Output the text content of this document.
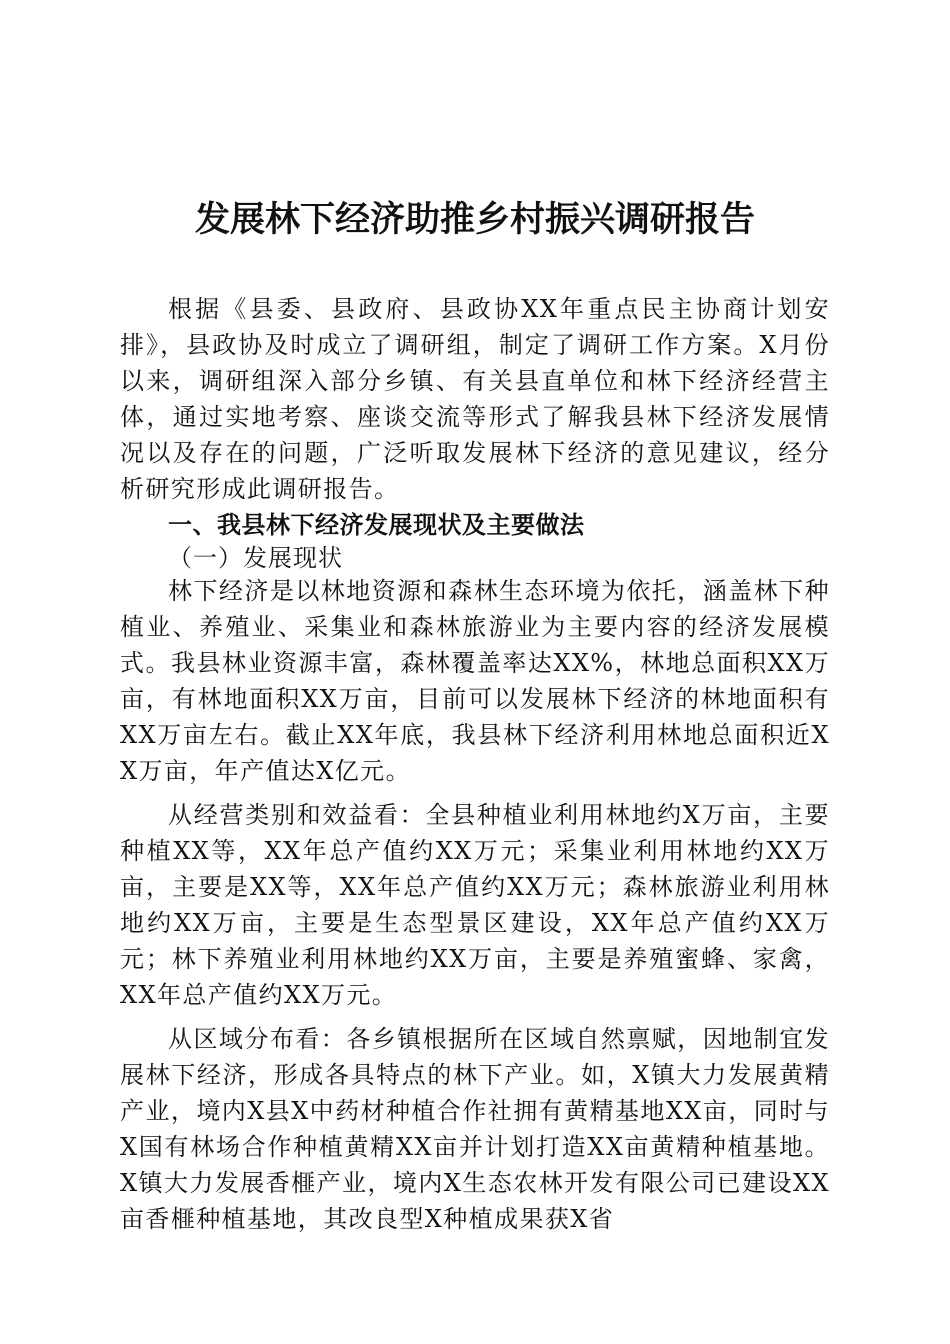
发展林下经济助推乡村振兴调研报告

根据《县委、县政府、县政协XX年重点民主协商计划安排》，县政协及时成立了调研组，制定了调研工作方案。X月份以来，调研组深入部分乡镇、有关县直单位和林下经济经营主体，通过实地考察、座谈交流等形式了解我县林下经济发展情况以及存在的问题，广泛听取发展林下经济的意见建议，经分析研究形成此调研报告。

一、我县林下经济发展现状及主要做法

（一）发展现状

林下经济是以林地资源和森林生态环境为依托，涵盖林下种植业、养殖业、采集业和森林旅游业为主要内容的经济发展模式。我县林业资源丰富，森林覆盖率达XX%，林地总面积XX万亩，有林地面积XX万亩，目前可以发展林下经济的林地面积有XX万亩左右。截止XX年底，我县林下经济利用林地总面积近XX万亩，年产值达X亿元。

从经营类别和效益看：全县种植业利用林地约X万亩，主要种植XX等，XX年总产值约XX万元；采集业利用林地约XX万亩，主要是XX等，XX年总产值约XX万元；森林旅游业利用林地约XX万亩，主要是生态型景区建设，XX年总产值约XX万元；林下养殖业利用林地约XX万亩，主要是养殖蜜蜂、家禽，XX年总产值约XX万元。

从区域分布看：各乡镇根据所在区域自然禀赋，因地制宜发展林下经济，形成各具特点的林下产业。如，X镇大力发展黄精产业，境内X县X中药材种植合作社拥有黄精基地XX亩，同时与X国有林场合作种植黄精XX亩并计划打造XX亩黄精种植基地。X镇大力发展香榧产业，境内X生态农林开发有限公司已建设XX亩香榧种植基地，其改良型X种植成果获X省
